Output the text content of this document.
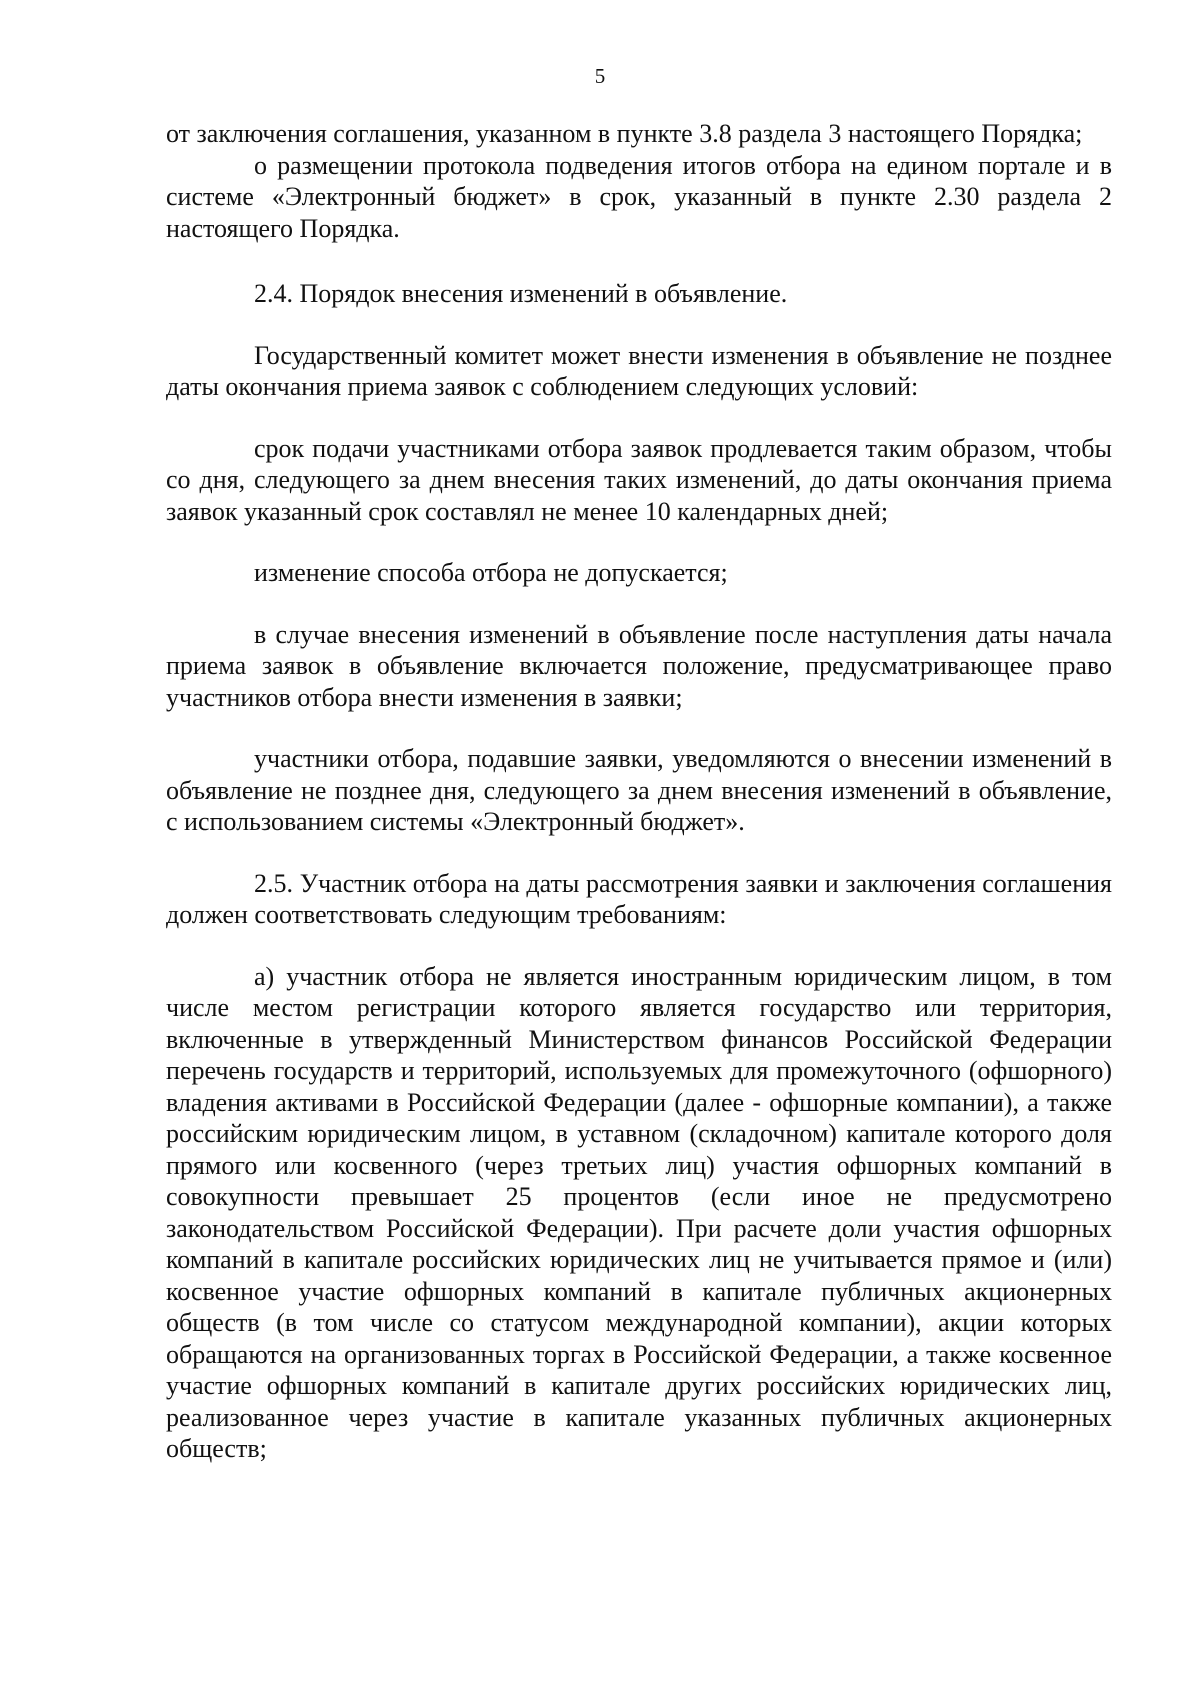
5

от заключения соглашения, указанном в пункте 3.8 раздела 3 настоящего Порядка;

о размещении протокола подведения итогов отбора на едином портале и в системе «Электронный бюджет» в срок, указанный в пункте 2.30 раздела 2 настоящего Порядка.

2.4. Порядок внесения изменений в объявление.

Государственный комитет может внести изменения в объявление не позднее даты окончания приема заявок с соблюдением следующих условий:

срок подачи участниками отбора заявок продлевается таким образом, чтобы со дня, следующего за днем внесения таких изменений, до даты окончания приема заявок указанный срок составлял не менее 10 календарных дней;

изменение способа отбора не допускается;

в случае внесения изменений в объявление после наступления даты начала приема заявок в объявление включается положение, предусматривающее право участников отбора внести изменения в заявки;

участники отбора, подавшие заявки, уведомляются о внесении изменений в объявление не позднее дня, следующего за днем внесения изменений в объявление, с использованием системы «Электронный бюджет».

2.5. Участник отбора на даты рассмотрения заявки и заключения соглашения должен соответствовать следующим требованиям:

а) участник отбора не является иностранным юридическим лицом, в том числе местом регистрации которого является государство или территория, включенные в утвержденный Министерством финансов Российской Федерации перечень государств и территорий, используемых для промежуточного (офшорного) владения активами в Российской Федерации (далее - офшорные компании), а также российским юридическим лицом, в уставном (складочном) капитале которого доля прямого или косвенного (через третьих лиц) участия офшорных компаний в совокупности превышает 25 процентов (если иное не предусмотрено законодательством Российской Федерации). При расчете доли участия офшорных компаний в капитале российских юридических лиц не учитывается прямое и (или) косвенное участие офшорных компаний в капитале публичных акционерных обществ (в том числе со статусом международной компании), акции которых обращаются на организованных торгах в Российской Федерации, а также косвенное участие офшорных компаний в капитале других российских юридических лиц, реализованное через участие в капитале указанных публичных акционерных обществ;
